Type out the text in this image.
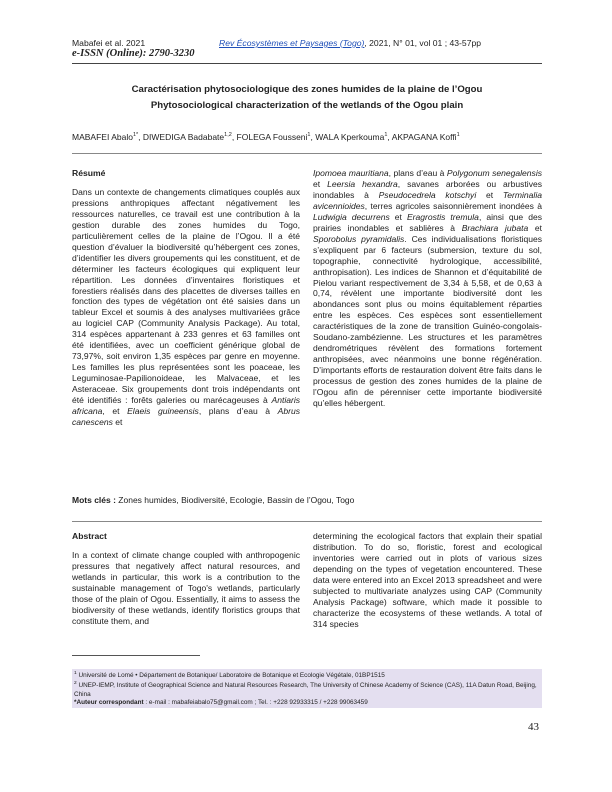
Mabafei et al. 2021	Rev Écosystèmes et Paysages (Togo), 2021, N° 01, vol 01 ; 43-57pp
e-ISSN (Online): 2790-3230
Caractérisation phytosociologique des zones humides de la plaine de l’Ogou
Phytosociological characterization of the wetlands of the Ogou plain
MABAFEI Abalo$^{1*}$, DIWEDIGA Badabate$^{1,2}$, FOLEGA Fousseni$^1$, WALA Kperkouma$^1$, AKPAGANA Koffi$^1$
Résumé

Dans un contexte de changements climatiques couplés aux pressions anthropiques affectant négativement les ressources naturelles, ce travail est une contribution à la gestion durable des zones humides du Togo, particulièrement celles de la plaine de l’Ogou. Il a été question d’évaluer la biodiversité qu’hébergent ces zones, d’identifier les divers groupements qui les constituent, et de déterminer les facteurs écologiques qui expliquent leur répartition. Les données d’inventaires floristiques et forestiers réalisés dans des placettes de diverses tailles en fonction des types de végétation ont été saisies dans un tableur Excel et soumis à des analyses multivariées grâce au logiciel CAP (Community Analysis Package). Au total, 314 espèces appartenant à 233 genres et 63 familles ont été identifiées, avec un coefficient générique global de 73,97%, soit environ 1,35 espèces par genre en moyenne. Les familles les plus représentées sont les poaceae, les Leguminosae-Papilionoideae, les Malvaceae, et les Asteraceae. Six groupements dont trois indépendants ont été identifiés : forêts galeries ou marécageuses à Antiaris africana, et Elaeis guineensis, plans d’eau à Abrus canescens et

Ipomoea mauritiana, plans d’eau à Polygonum senegalensis et Leersia hexandra, savanes arborées ou arbustives inondables à Pseudocedrela kotschyi et Terminalia avicennioides, terres agricoles saisonnièrement inondées à Ludwigia decurrens et Eragrostis tremula, ainsi que des prairies inondables et sablières à Brachiara jubata et Sporobolus pyramidalis. Ces individualisations floristiques s’expliquent par 6 facteurs (submersion, texture du sol, topographie, connectivité hydrologique, accessibilité, anthropisation). Les indices de Shannon et d’équitabilité de Pielou variant respectivement de 3,34 à 5,58, et de 0,63 à 0,74, révèlent une importante biodiversité dont les abondances sont plus ou moins équitablement réparties entre les espèces. Ces espèces sont essentiellement caractéristiques de la zone de transition Guinéo-congolais-Soudano-zambézienne. Les structures et les paramètres dendrométriques révèlent des formations fortement anthropisées, avec néanmoins une bonne régénération. D’importants efforts de restauration doivent être faits dans le processus de gestion des zones humides de la plaine de l’Ogou afin de pérenniser cette importante biodiversité qu’elles hébergent.

Mots clés : Zones humides, Biodiversité, Ecologie, Bassin de l’Ogou, Togo
Abstract

In a context of climate change coupled with anthropogenic pressures that negatively affect natural resources, and wetlands in particular, this work is a contribution to the sustainable management of Togo's wetlands, particularly those of the plain of Ogou. Essentially, it aims to assess the biodiversity of these wetlands, identify floristics groups that constitute them, and

determining the ecological factors that explain their spatial distribution. To do so, floristic, forest and ecological inventories were carried out in plots of various sizes depending on the types of vegetation encountered. These data were entered into an Excel 2013 spreadsheet and were subjected to multivariate analyzes using CAP (Community Analysis Package) software, which made it possible to characterize the ecosystems of these wetlands. A total of 314 species

$^1$ Université de Lomé • Département de Botanique/ Laboratoire de Botanique et Ecologie Végétale, 01BP1515

$^2$ UNEP-IEMP, Institute of Geographical Science and Natural Resources Research, The University of Chinese Academy of Science (CAS), 11A Datun Road, Beijing, China

*Auteur correspondant : e-mail : mabafeiabalo75@gmail.com ; Tel. : +228 92933315 / +228 99063459

43
